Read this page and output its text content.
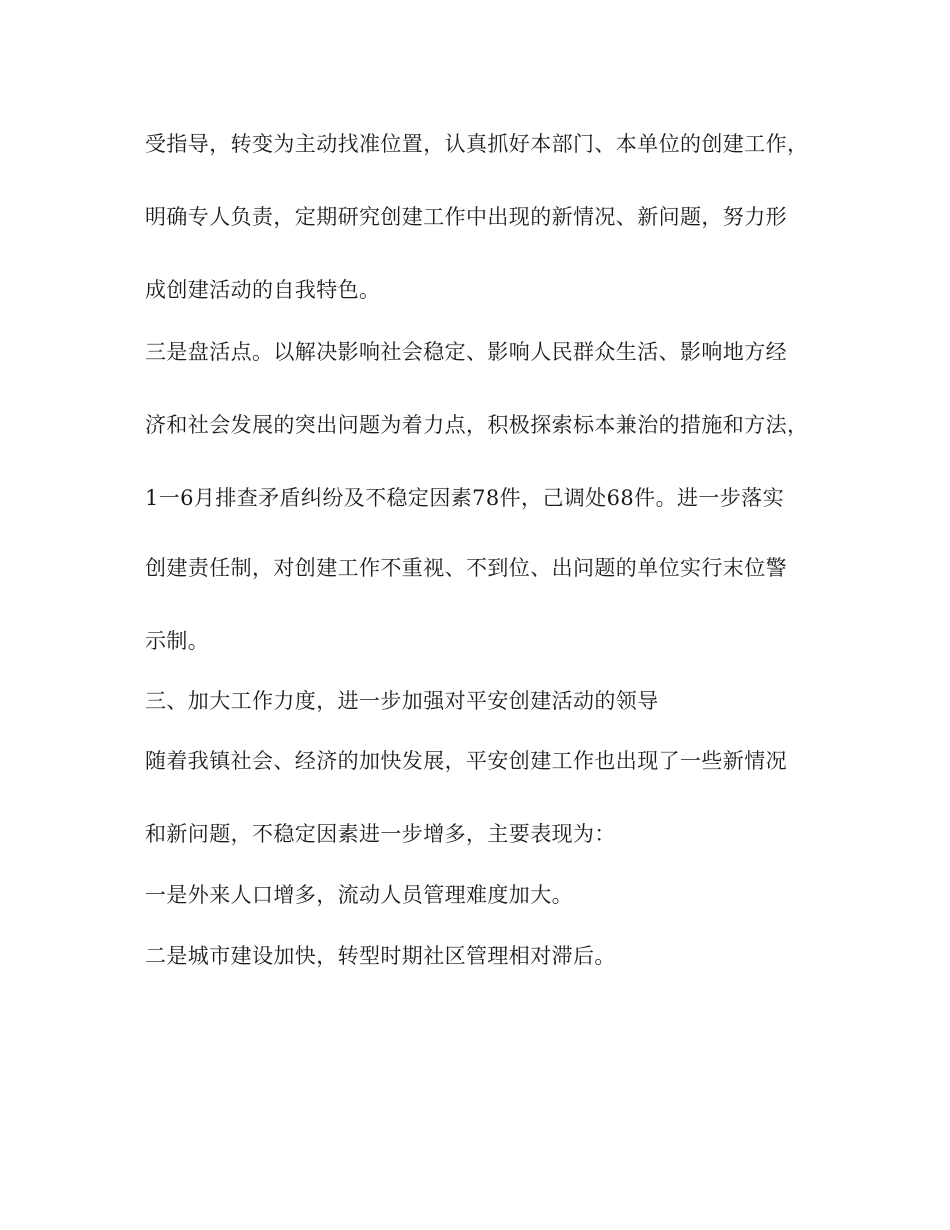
受指导，转变为主动找准位置，认真抓好本部门、本单位的创建工作，
明确专人负责，定期研究创建工作中出现的新情况、新问题，努力形
成创建活动的自我特色。
三是盘活点。以解决影响社会稳定、影响人民群众生活、影响地方经
济和社会发展的突出问题为着力点，积极探索标本兼治的措施和方法，
1一6月排查矛盾纠纷及不稳定因素78件，己调处68件。进一步落实
创建责任制，对创建工作不重视、不到位、出问题的单位实行末位警
示制。
三、加大工作力度，进一步加强对平安创建活动的领导
随着我镇社会、经济的加快发展，平安创建工作也出现了一些新情况
和新问题，不稳定因素进一步增多，主要表现为：
一是外来人口增多，流动人员管理难度加大。
二是城市建设加快，转型时期社区管理相对滞后。
